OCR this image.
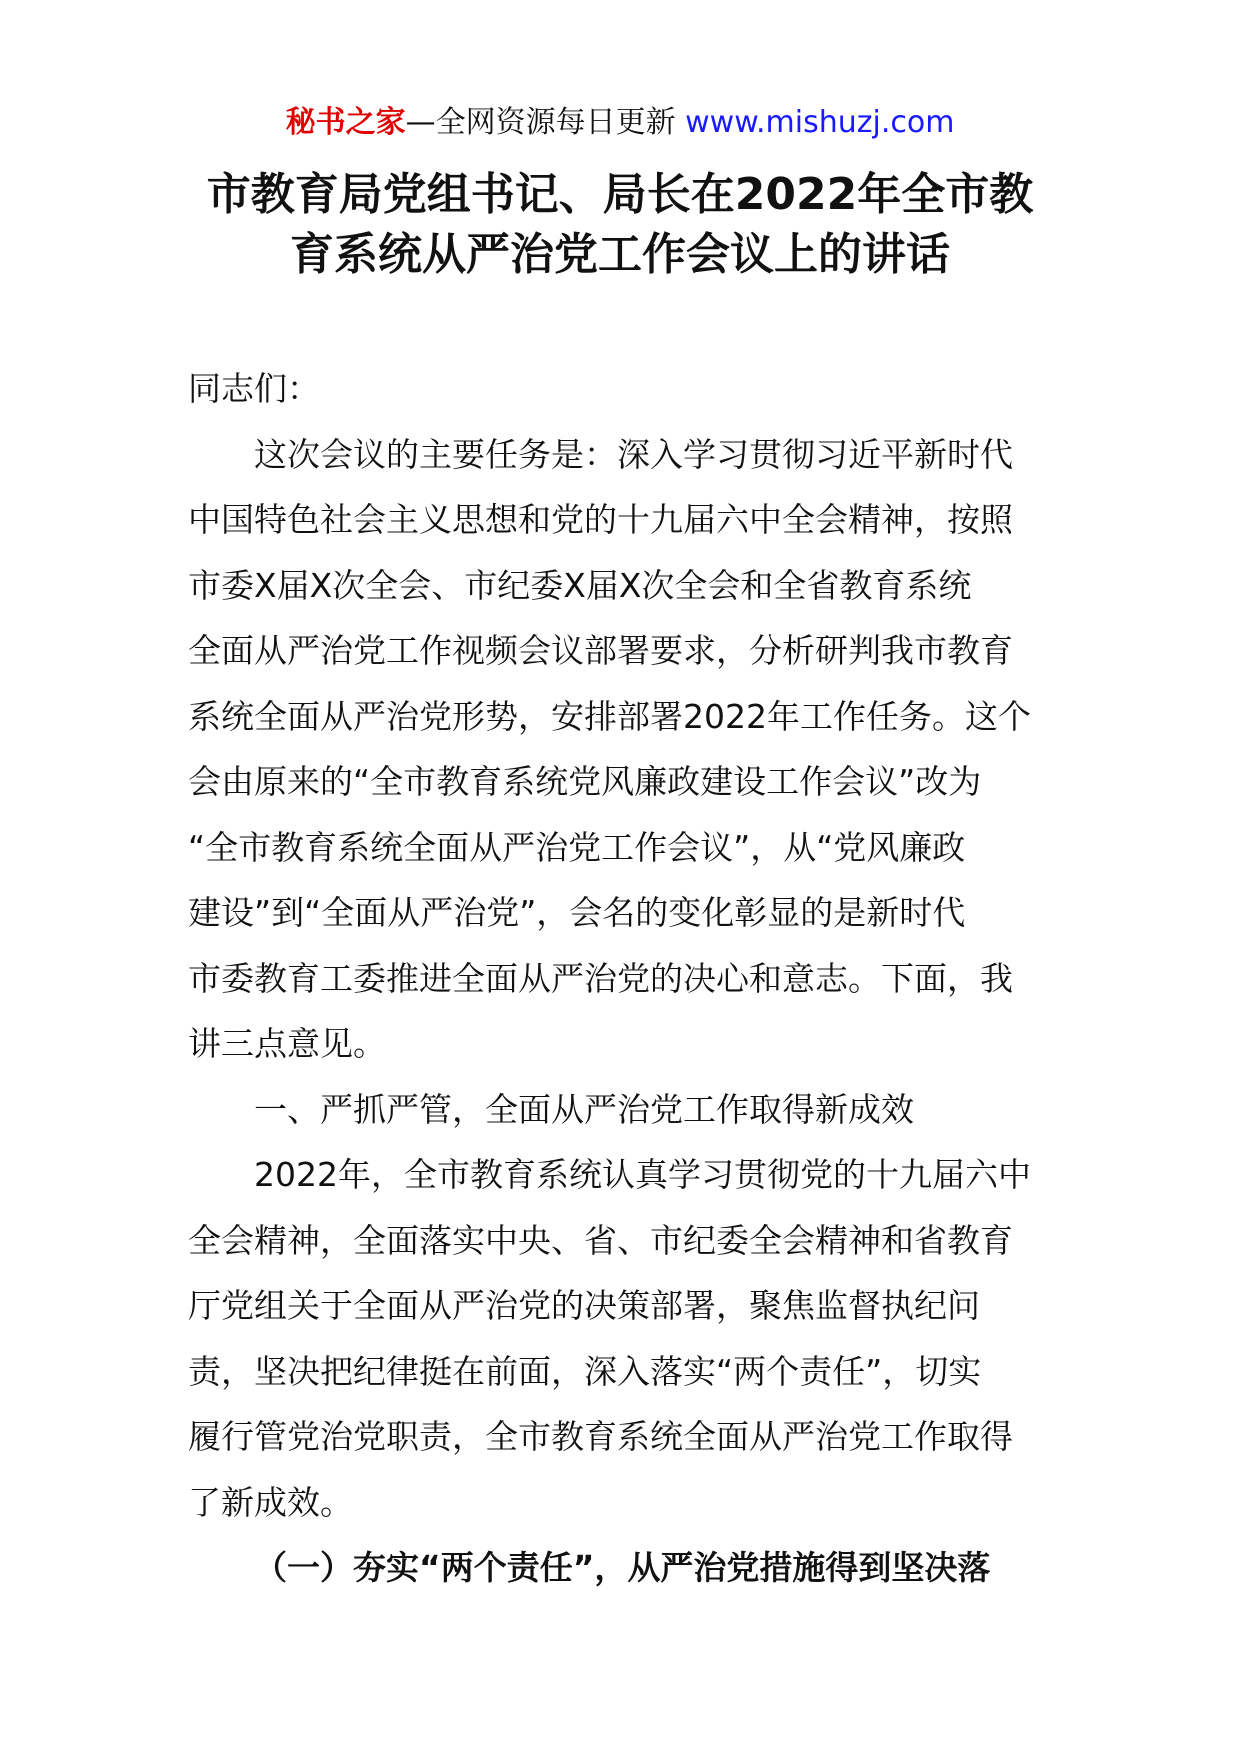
秘书之家—全网资源每日更新 www.mishuzj.com
市教育局党组书记、局长在2022年全市教
育系统从严治党工作会议上的讲话
同志们：
这次会议的主要任务是：深入学习贯彻习近平新时代
中国特色社会主义思想和党的十九届六中全会精神，按照
市委X届X次全会、市纪委X届X次全会和全省教育系统
全面从严治党工作视频会议部署要求，分析研判我市教育
系统全面从严治党形势，安排部署2022年工作任务。这个
会由原来的“全市教育系统党风廉政建设工作会议”改为
“全市教育系统全面从严治党工作会议”，从“党风廉政
建设”到“全面从严治党”，会名的变化彰显的是新时代
市委教育工委推进全面从严治党的决心和意志。下面，我
讲三点意见。
一、严抓严管，全面从严治党工作取得新成效
2022年，全市教育系统认真学习贯彻党的十九届六中
全会精神，全面落实中央、省、市纪委全会精神和省教育
厅党组关于全面从严治党的决策部署，聚焦监督执纪问
责，坚决把纪律挺在前面，深入落实“两个责任”，切实
履行管党治党职责，全市教育系统全面从严治党工作取得
了新成效。
（一）夯实“两个责任”，从严治党措施得到坚决落
